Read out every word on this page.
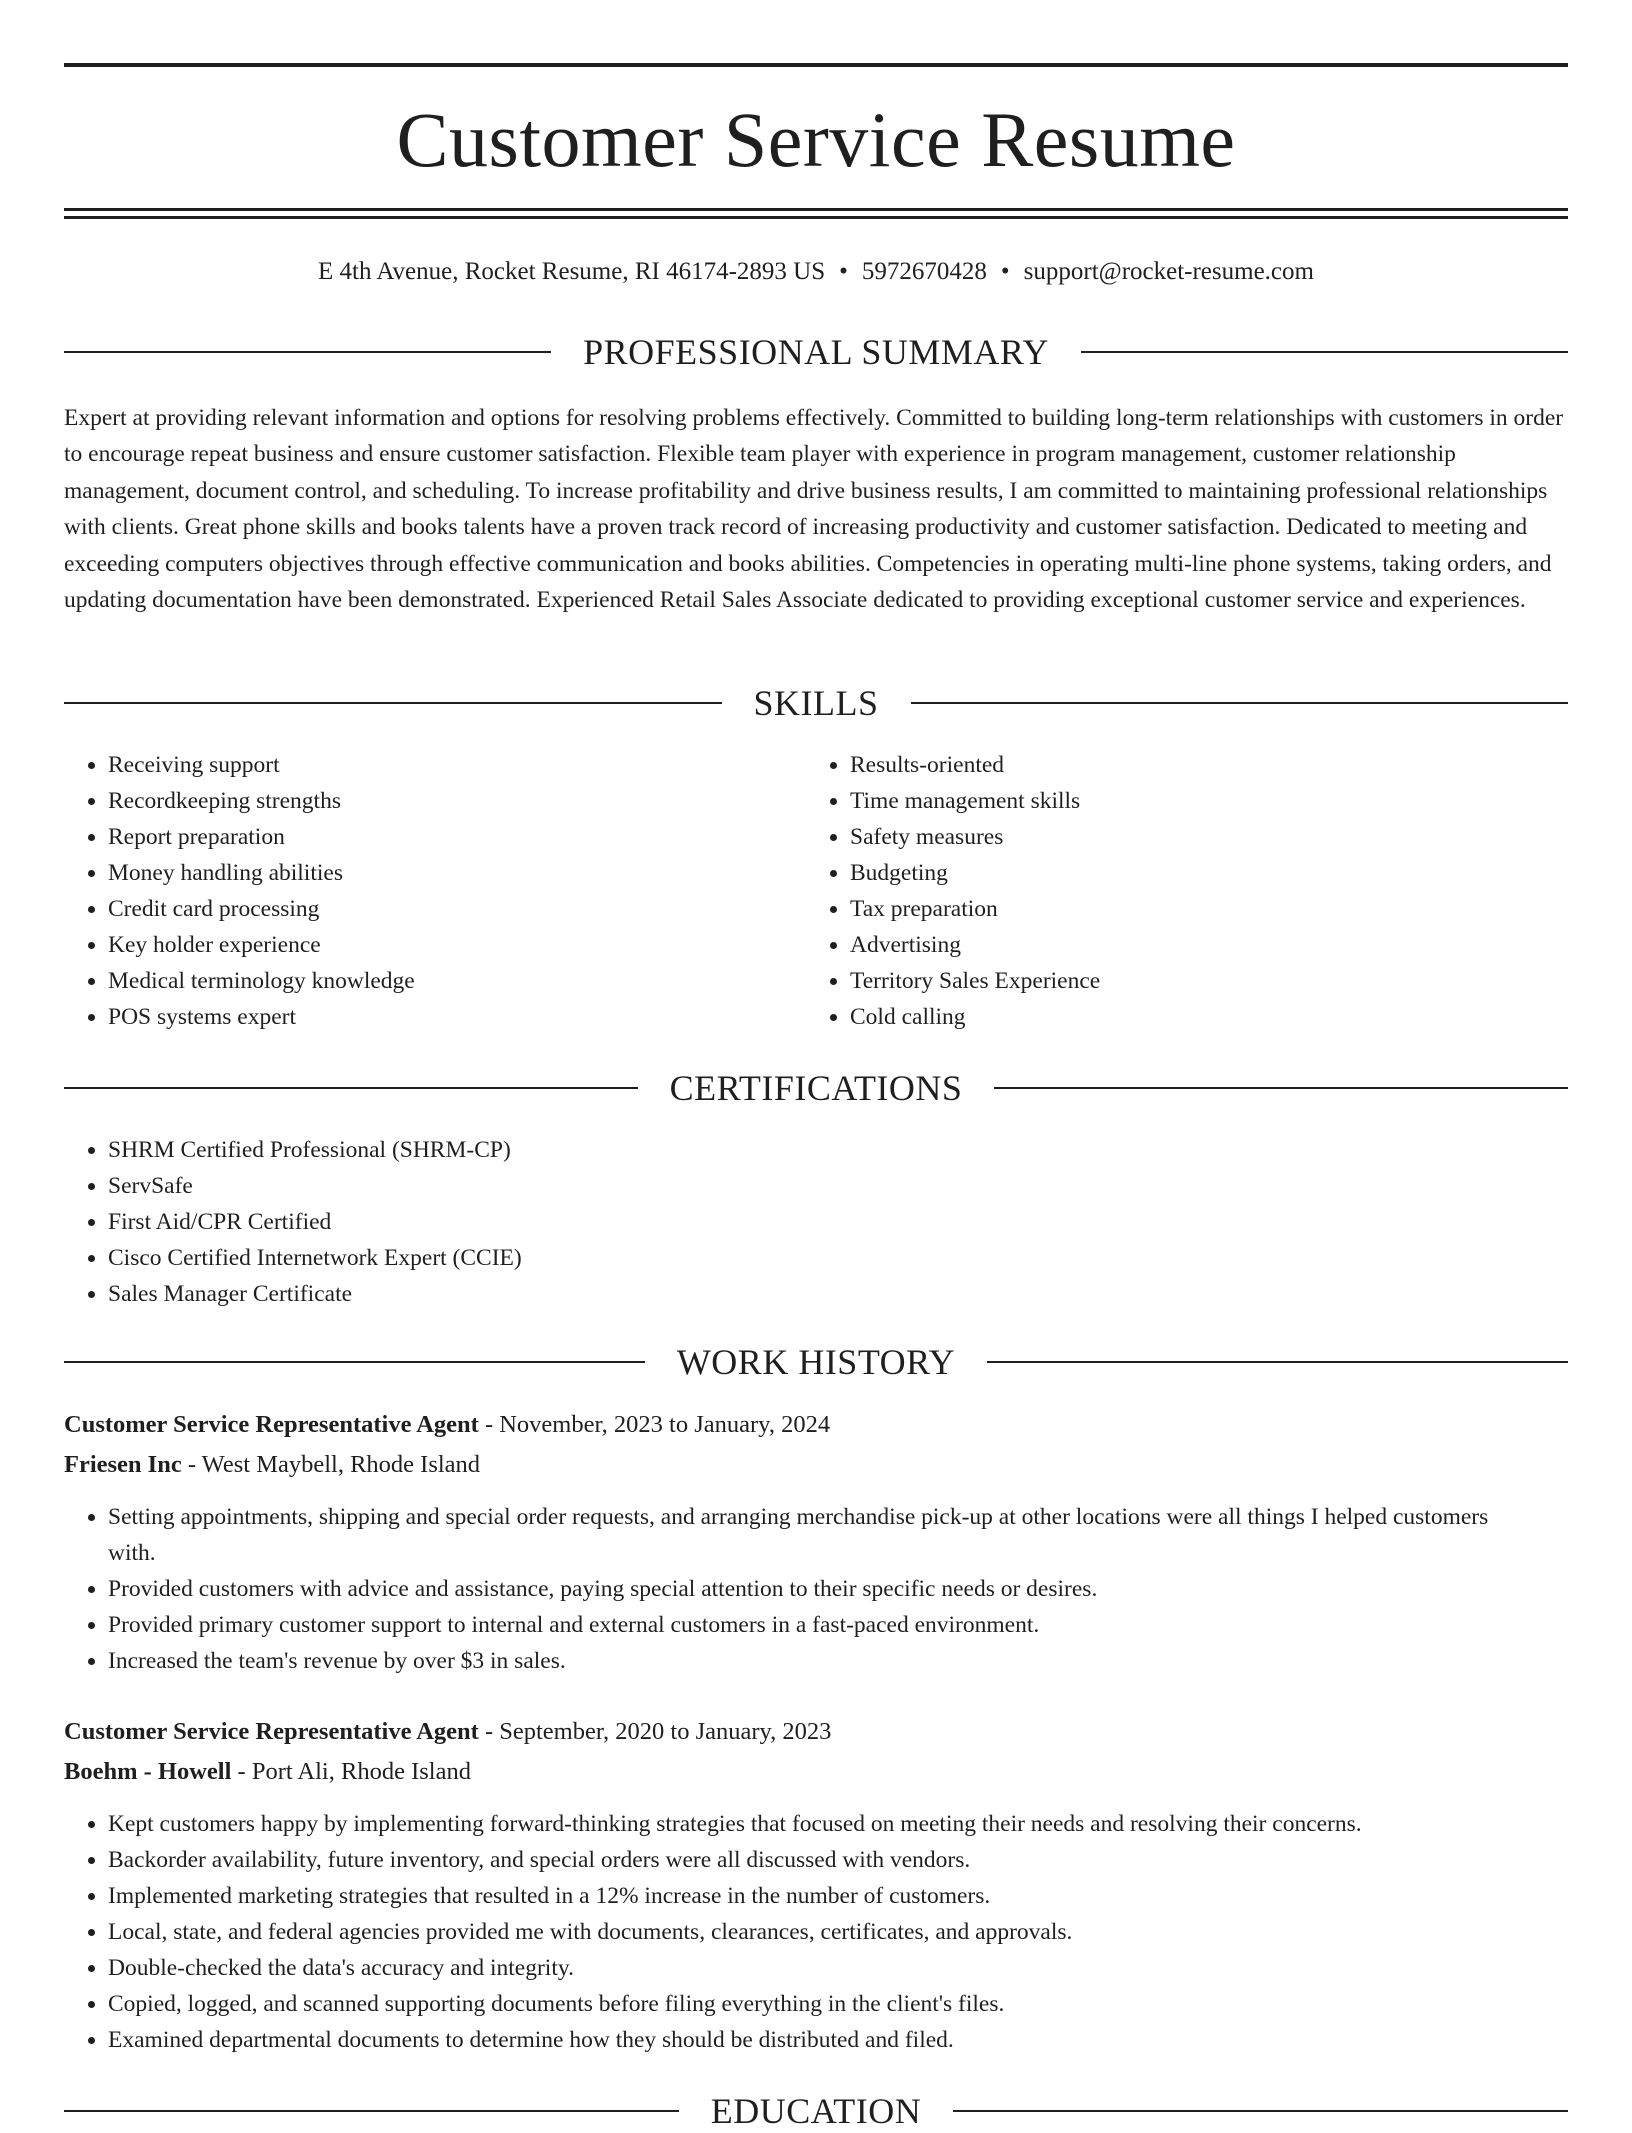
Customer Service Resume
E 4th Avenue, Rocket Resume, RI 46174-2893 US • 5972670428 • support@rocket-resume.com
PROFESSIONAL SUMMARY

Expert at providing relevant information and options for resolving problems effectively. Committed to building long-term relationships with customers in order to encourage repeat business and ensure customer satisfaction. Flexible team player with experience in program management, customer relationship management, document control, and scheduling. To increase profitability and drive business results, I am committed to maintaining professional relationships with clients. Great phone skills and books talents have a proven track record of increasing productivity and customer satisfaction. Dedicated to meeting and exceeding computers objectives through effective communication and books abilities. Competencies in operating multi-line phone systems, taking orders, and updating documentation have been demonstrated. Experienced Retail Sales Associate dedicated to providing exceptional customer service and experiences.

SKILLS
• Receiving support
• Recordkeeping strengths
• Report preparation
• Money handling abilities
• Credit card processing
• Key holder experience
• Medical terminology knowledge
• POS systems expert
• Results-oriented
• Time management skills
• Safety measures
• Budgeting
• Tax preparation
• Advertising
• Territory Sales Experience
• Cold calling
CERTIFICATIONS
• SHRM Certified Professional (SHRM-CP)
• ServSafe
• First Aid/CPR Certified
• Cisco Certified Internetwork Expert (CCIE)
• Sales Manager Certificate
WORK HISTORY
Customer Service Representative Agent - November, 2023 to January, 2024
Friesen Inc - West Maybell, Rhode Island
• Setting appointments, shipping and special order requests, and arranging merchandise pick-up at other locations were all things I helped customers with.
• Provided customers with advice and assistance, paying special attention to their specific needs or desires.
• Provided primary customer support to internal and external customers in a fast-paced environment.
• Increased the team's revenue by over $3 in sales.
Customer Service Representative Agent - September, 2020 to January, 2023
Boehm - Howell - Port Ali, Rhode Island
• Kept customers happy by implementing forward-thinking strategies that focused on meeting their needs and resolving their concerns.
• Backorder availability, future inventory, and special orders were all discussed with vendors.
• Implemented marketing strategies that resulted in a 12% increase in the number of customers.
• Local, state, and federal agencies provided me with documents, clearances, certificates, and approvals.
• Double-checked the data's accuracy and integrity.
• Copied, logged, and scanned supporting documents before filing everything in the client's files.
• Examined departmental documents to determine how they should be distributed and filed.
EDUCATION
